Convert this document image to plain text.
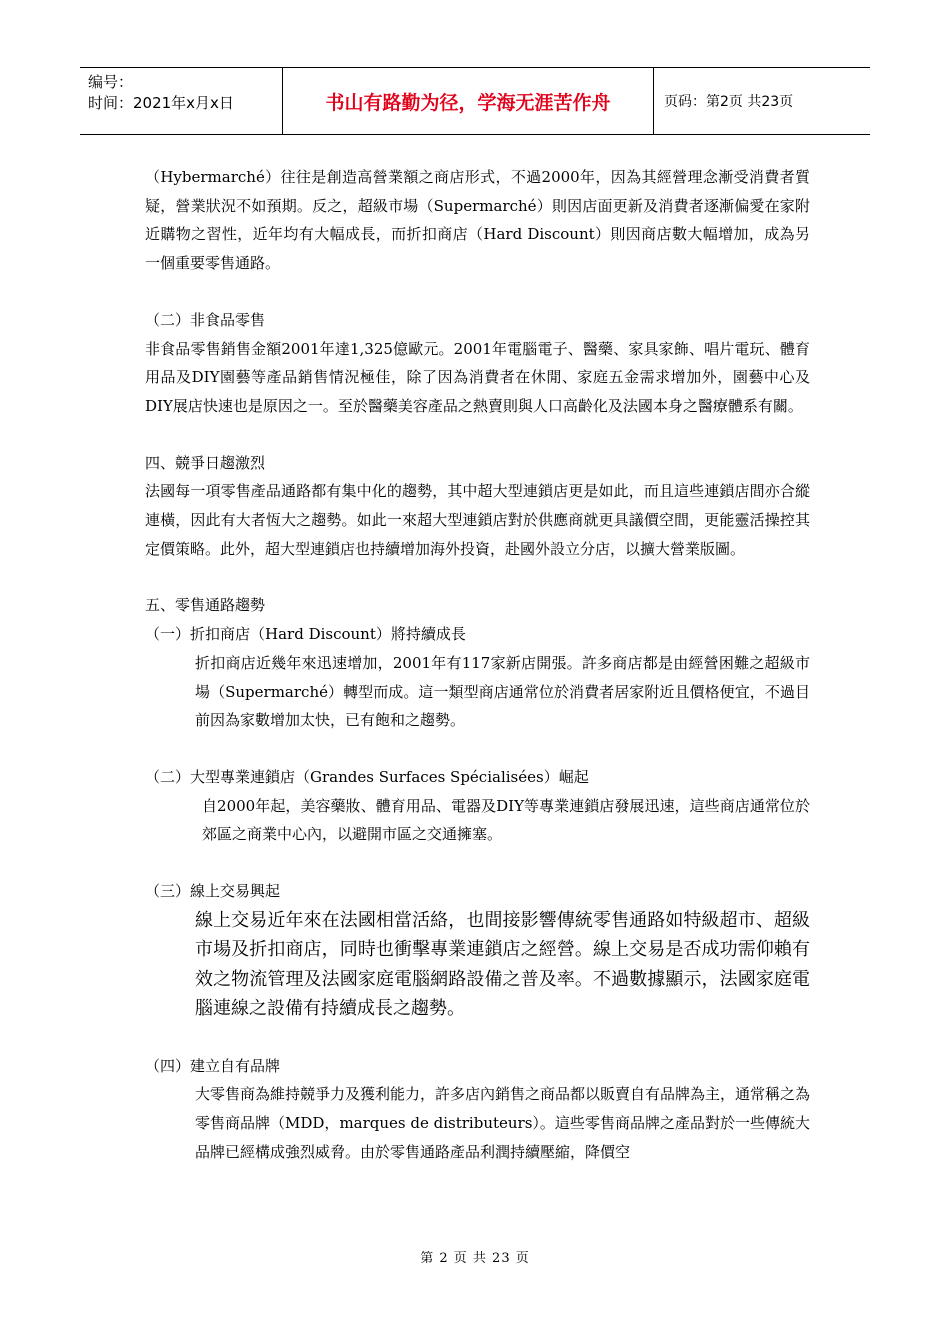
编号：
时间：2021年x月x日	书山有路勤为径，学海无涯苦作舟	页码：第2页 共23页

（Hybermarché）往往是創造高營業額之商店形式，不過2000年，因為其經營理念漸受消費者質疑，營業狀況不如預期。反之，超級市場（Supermarché）則因店面更新及消費者逐漸偏愛在家附近購物之習性，近年均有大幅成長，而折扣商店（Hard Discount）則因商店數大幅增加，成為另一個重要零售通路。

（二）非食品零售

非食品零售銷售金額2001年達1,325億歐元。2001年電腦電子、醫藥、家具家飾、唱片電玩、體育用品及DIY園藝等產品銷售情況極佳，除了因為消費者在休閒、家庭五金需求增加外，園藝中心及DIY展店快速也是原因之一。至於醫藥美容產品之熱賣則與人口高齡化及法國本身之醫療體系有關。

四、競爭日趨激烈

法國每一項零售產品通路都有集中化的趨勢，其中超大型連鎖店更是如此，而且這些連鎖店間亦合縱連橫，因此有大者恆大之趨勢。如此一來超大型連鎖店對於供應商就更具議價空間，更能靈活操控其定價策略。此外，超大型連鎖店也持續增加海外投資，赴國外設立分店，以擴大營業版圖。

五、零售通路趨勢

（一）折扣商店（Hard Discount）將持續成長

折扣商店近幾年來迅速增加，2001年有117家新店開張。許多商店都是由經營困難之超級市場（Supermarché）轉型而成。這一類型商店通常位於消費者居家附近且價格便宜，不過目前因為家數增加太快，已有飽和之趨勢。

（二）大型專業連鎖店（Grandes Surfaces Spécialisées）崛起

自2000年起，美容藥妝、體育用品、電器及DIY等專業連鎖店發展迅速，這些商店通常位於郊區之商業中心內，以避開市區之交通擁塞。

（三）線上交易興起

線上交易近年來在法國相當活絡，也間接影響傳統零售通路如特級超市、超級市場及折扣商店，同時也衝擊專業連鎖店之經營。線上交易是否成功需仰賴有效之物流管理及法國家庭電腦網路設備之普及率。不過數據顯示，法國家庭電腦連線之設備有持續成長之趨勢。

（四）建立自有品牌

大零售商為維持競爭力及獲利能力，許多店內銷售之商品都以販賣自有品牌為主，通常稱之為零售商品牌（MDD，marques de distributeurs）。這些零售商品牌之產品對於一些傳統大品牌已經構成強烈威脅。由於零售通路產品利潤持續壓縮，降價空

第 2 页 共 23 页
